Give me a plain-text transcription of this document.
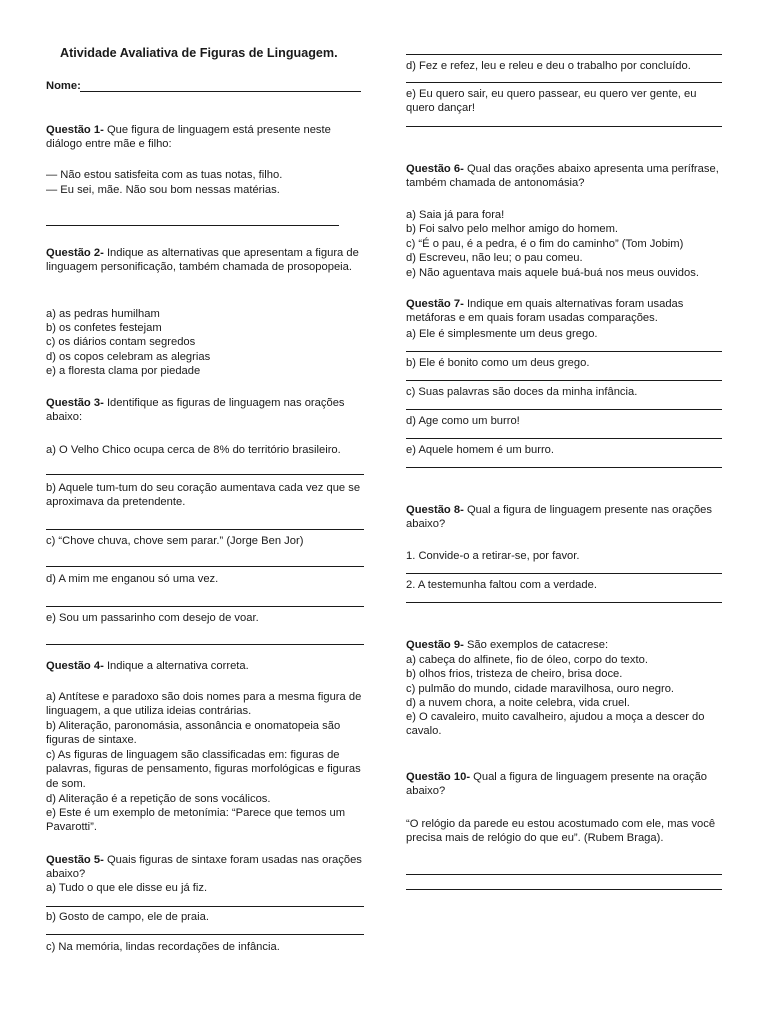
Atividade Avaliativa de Figuras de Linguagem.
Nome:
Questão 1- Que figura de linguagem está presente neste diálogo entre mãe e filho:
— Não estou satisfeita com as tuas notas, filho.
— Eu sei, mãe. Não sou bom nessas matérias.
Questão 2- Indique as alternativas que apresentam a figura de linguagem personificação, também chamada de prosopopeia.
a) as pedras humilham
b) os confetes festejam
c) os diários contam segredos
d) os copos celebram as alegrias
e) a floresta clama por piedade
Questão 3- Identifique as figuras de linguagem nas orações abaixo:
a) O Velho Chico ocupa cerca de 8% do território brasileiro.
b) Aquele tum-tum do seu coração aumentava cada vez que se aproximava da pretendente.
c) “Chove chuva, chove sem parar.” (Jorge Ben Jor)
d) A mim me enganou só uma vez.
e) Sou um passarinho com desejo de voar.
Questão 4- Indique a alternativa correta.
a) Antítese e paradoxo são dois nomes para a mesma figura de linguagem, a que utiliza ideias contrárias.
b) Aliteração, paronomásia, assonância e onomatopeia são figuras de sintaxe.
c) As figuras de linguagem são classificadas em: figuras de palavras, figuras de pensamento, figuras morfológicas e figuras de som.
d) Aliteração é a repetição de sons vocálicos.
e) Este é um exemplo de metonímia: “Parece que temos um Pavarotti”.
Questão 5- Quais figuras de sintaxe foram usadas nas orações abaixo?
a) Tudo o que ele disse eu já fiz.
b) Gosto de campo, ele de praia.
c) Na memória, lindas recordações de infância.
d) Fez e refez, leu e releu e deu o trabalho por concluído.
e) Eu quero sair, eu quero passear, eu quero ver gente, eu quero dançar!
Questão 6- Qual das orações abaixo apresenta uma perífrase, também chamada de antonomásia?
a) Saia já para fora!
b) Foi salvo pelo melhor amigo do homem.
c) “É o pau, é a pedra, é o fim do caminho” (Tom Jobim)
d) Escreveu, não leu; o pau comeu.
e) Não aguentava mais aquele buá-buá nos meus ouvidos.
Questão 7- Indique em quais alternativas foram usadas metáforas e em quais foram usadas comparações.
a) Ele é simplesmente um deus grego.
b) Ele é bonito como um deus grego.
c) Suas palavras são doces da minha infância.
d) Age como um burro!
e) Aquele homem é um burro.
Questão 8- Qual a figura de linguagem presente nas orações abaixo?
1. Convide-o a retirar-se, por favor.
2. A testemunha faltou com a verdade.
Questão 9- São exemplos de catacrese:
a) cabeça do alfinete, fio de óleo, corpo do texto.
b) olhos frios, tristeza de cheiro, brisa doce.
c) pulmão do mundo, cidade maravilhosa, ouro negro.
d) a nuvem chora, a noite celebra, vida cruel.
e) O cavaleiro, muito cavalheiro, ajudou a moça a descer do cavalo.
Questão 10- Qual a figura de linguagem presente na oração abaixo?
“O relógio da parede eu estou acostumado com ele, mas você precisa mais de relógio do que eu”. (Rubem Braga).
